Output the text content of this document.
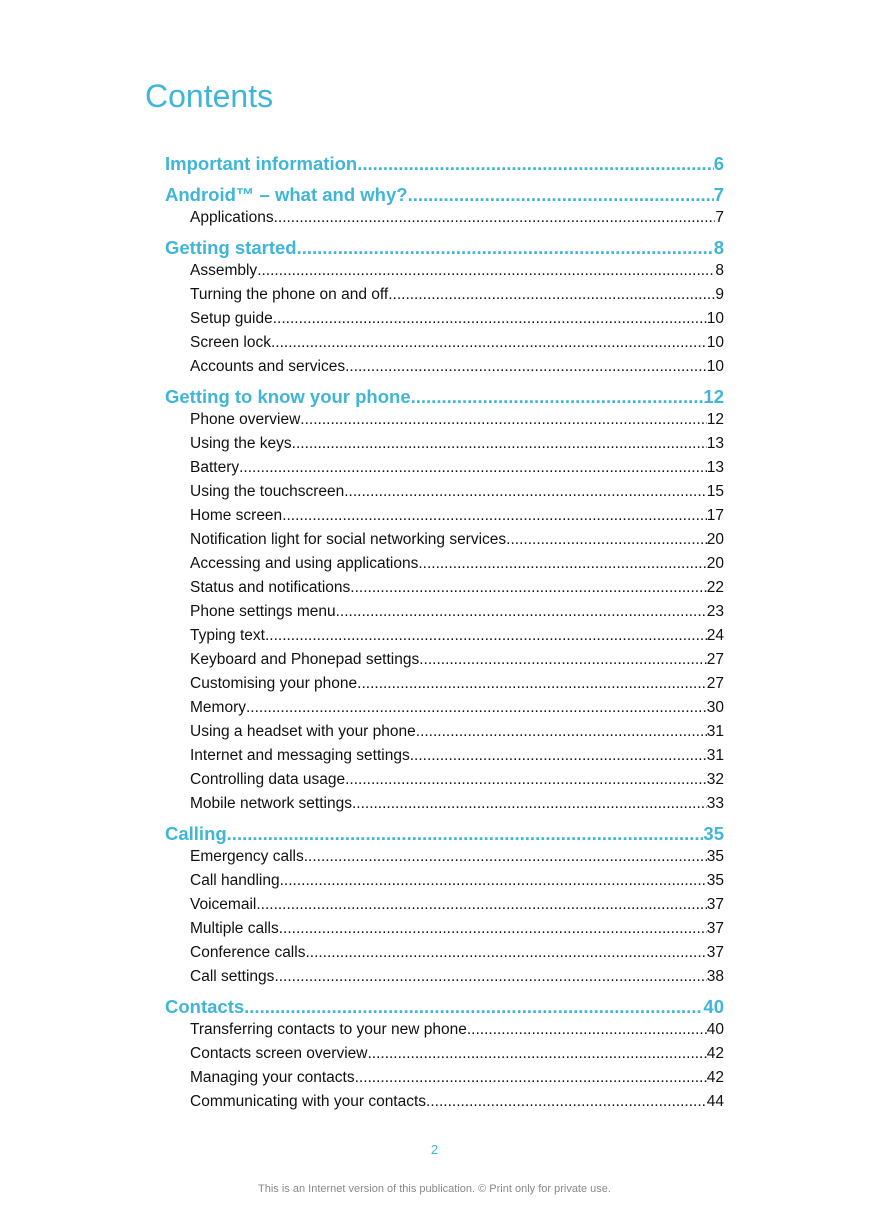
Contents
Important information .....	6
Android™ – what and why? .....	7
Applications .....	7
Getting started .....	8
Assembly .....	8
Turning the phone on and off .....	9
Setup guide .....	10
Screen lock .....	10
Accounts and services .....	10
Getting to know your phone .....	12
Phone overview .....	12
Using the keys .....	13
Battery .....	13
Using the touchscreen .....	15
Home screen .....	17
Notification light for social networking services .....	20
Accessing and using applications .....	20
Status and notifications .....	22
Phone settings menu .....	23
Typing text .....	24
Keyboard and Phonepad settings .....	27
Customising your phone .....	27
Memory .....	30
Using a headset with your phone .....	31
Internet and messaging settings .....	31
Controlling data usage .....	32
Mobile network settings .....	33
Calling .....	35
Emergency calls .....	35
Call handling .....	35
Voicemail .....	37
Multiple calls .....	37
Conference calls .....	37
Call settings .....	38
Contacts .....	40
Transferring contacts to your new phone .....	40
Contacts screen overview .....	42
Managing your contacts .....	42
Communicating with your contacts .....	44
2
This is an Internet version of this publication. © Print only for private use.
